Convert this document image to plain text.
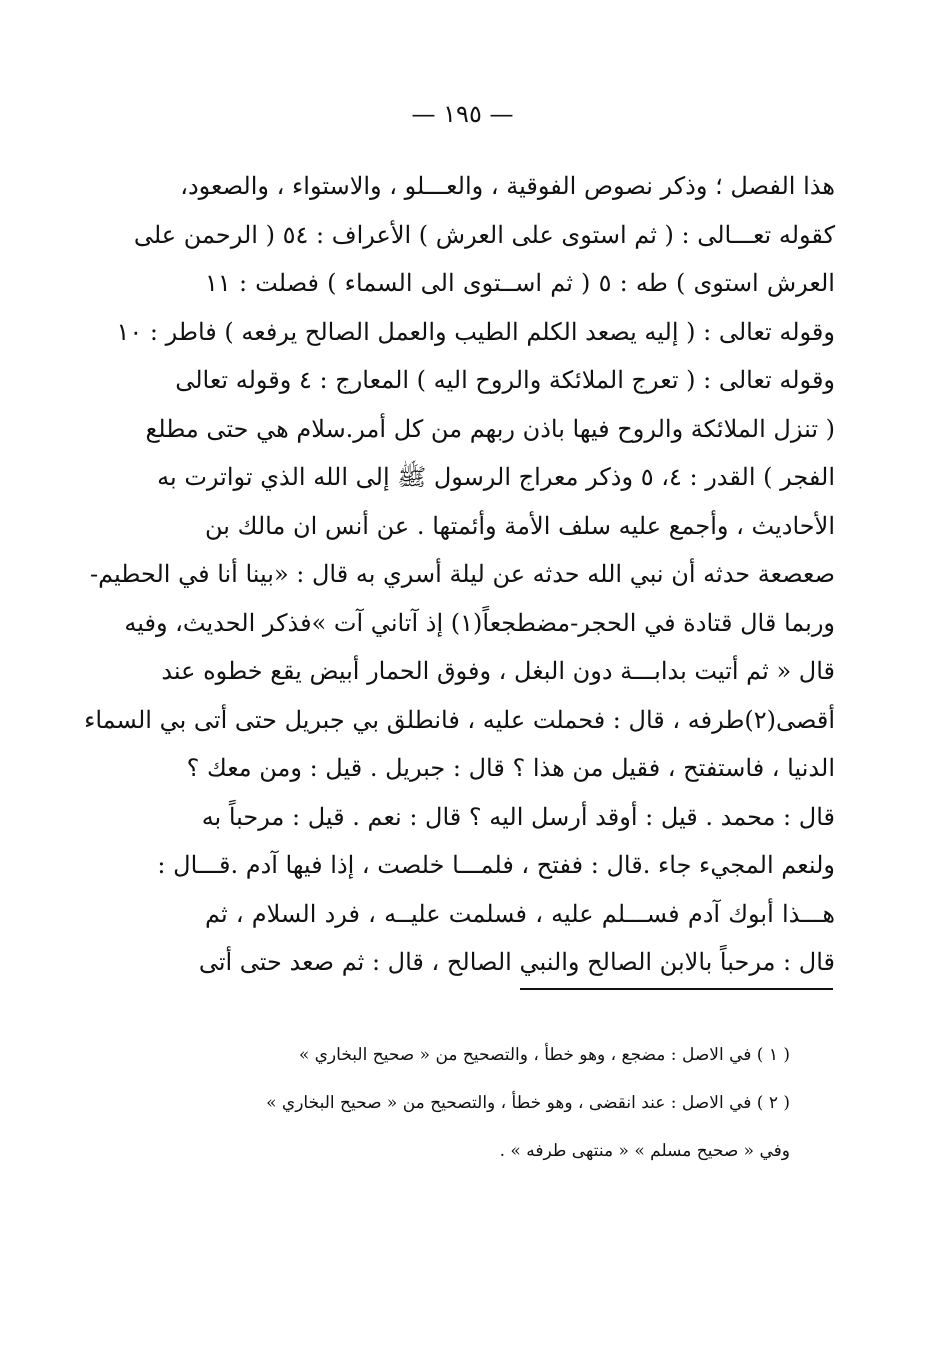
— ١٩٥ —
هذا الفصل ؛ وذكر نصوص الفوقية ، والعـــلو ، والاستواء ، والصعود،
كقوله تعـــالى : ( ثم استوى على العرش ) الأعراف : ٥٤ ( الرحمن على
العرش استوى ) طه : ٥ ( ثم اســتوى الى السماء ) فصلت : ١١
وقوله تعالى : ( إليه يصعد الكلم الطيب والعمل الصالح يرفعه ) فاطر : ١٠
وقوله تعالى : ( تعرج الملائكة والروح اليه ) المعارج : ٤ وقوله تعالى
( تنزل الملائكة والروح فيها باذن ربهم من كل أمر.سلام هي حتى مطلع
الفجر ) القدر : ٤، ٥ وذكر معراج الرسول ﷺ إلى الله الذي تواترت به
الأحاديث ، وأجمع عليه سلف الأمة وأئمتها . عن أنس ان مالك بن
صعصعة حدثه أن نبي الله حدثه عن ليلة أسري به قال : «بينا أنا في الحطيم-
وربما قال قتادة في الحجر-مضطجعاً(١) إذ آتاني آت »فذكر الحديث، وفيه
قال « ثم أتيت بدابـــة دون البغل ، وفوق الحمار أبيض يقع خطوه عند
أقصى(٢)طرفه ، قال : فحملت عليه ، فانطلق بي جبريل حتى أتى بي السماء
الدنيا ، فاستفتح ، فقيل من هذا ؟ قال : جبريل . قيل : ومن معك ؟
قال : محمد . قيل : أوقد أرسل اليه ؟ قال : نعم . قيل : مرحباً به
ولنعم المجيء جاء .قال : ففتح ، فلمـــا خلصت ، إذا فيها آدم .قـــال :
هـــذا أبوك آدم فســـلم عليه ، فسلمت عليــه ، فرد السلام ، ثم
قال : مرحباً بالابن الصالح والنبي الصالح ، قال : ثم صعد حتى أتى
( ١ ) في الاصل : مضجع ، وهو خطأ ، والتصحيح من « صحيح البخاري »
( ٢ ) في الاصل : عند انقضى ، وهو خطأ ، والتصحيح من « صحيح البخاري »
وفي « صحيح مسلم » « منتهى طرفه » .
